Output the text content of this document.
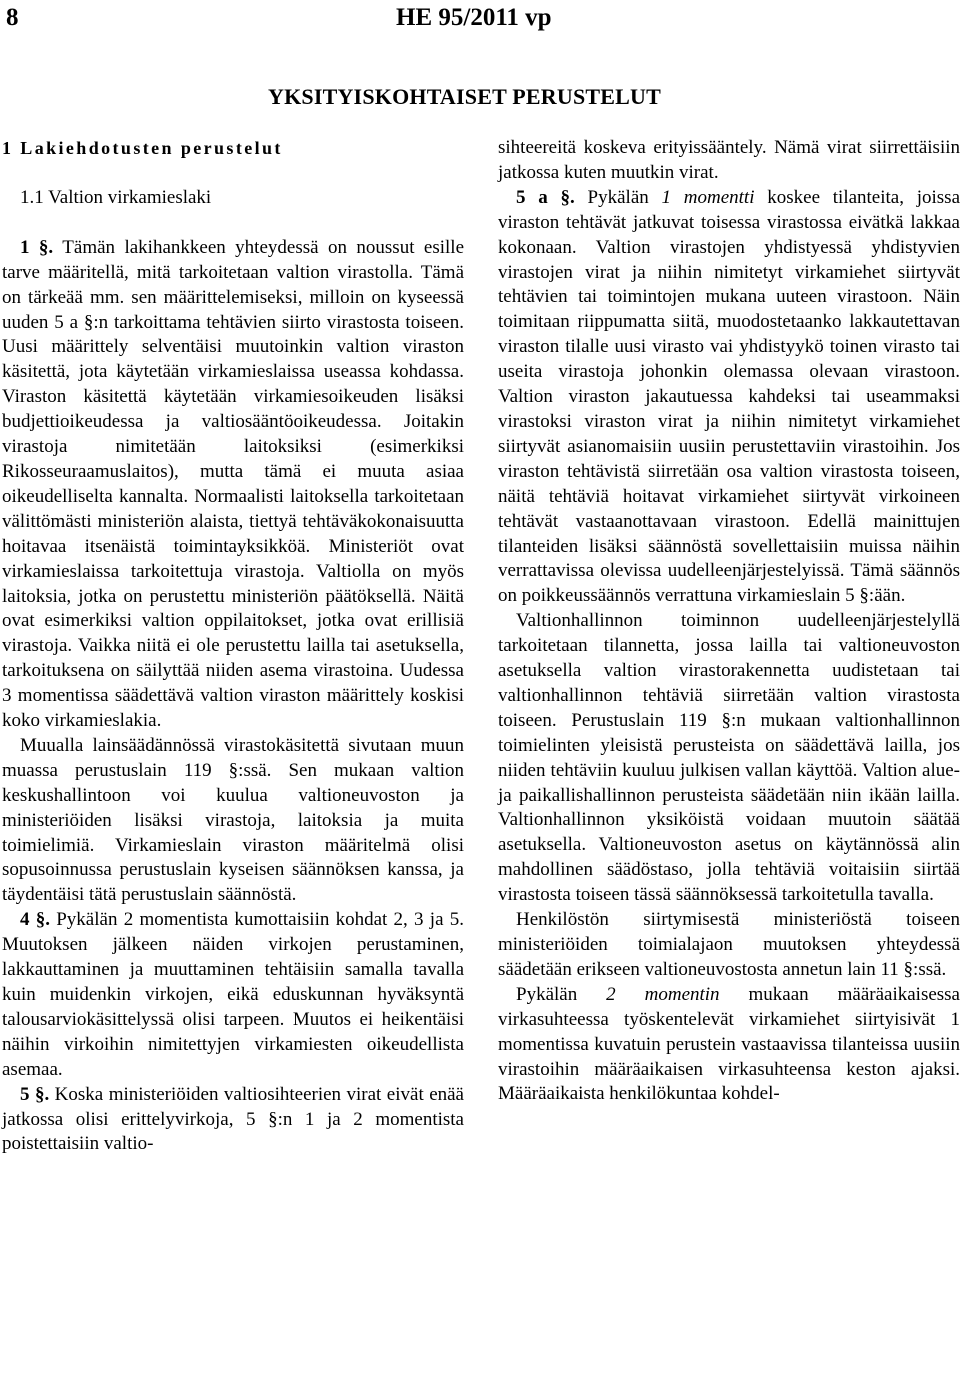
8	HE 95/2011 vp
YKSITYISKOHTAISET PERUSTELUT

1 Lakiehdotusten perustelut

1.1 Valtion virkamieslaki

1 §. Tämän lakihankkeen yhteydessä on noussut esille tarve määritellä, mitä tarkoitetaan valtion virastolla. Tämä on tärkeää mm. sen määrittelemiseksi, milloin on kyseessä uuden 5 a §:n tarkoittama tehtävien siirto virastosta toiseen. Uusi määrittely selventäisi muutoinkin valtion viraston käsitettä, jota käytetään virkamieslaissa useassa kohdassa. Viraston käsitettä käytetään virkamiesoikeuden lisäksi budjettioikeudessa ja valtiosääntöoikeudessa. Joitakin virastoja nimitetään laitoksiksi (esimerkiksi Rikosseuraamuslaitos), mutta tämä ei muuta asiaa oikeudelliselta kannalta. Normaalisti laitoksella tarkoitetaan välittömästi ministeriön alaista, tiettyä tehtäväkokonaisuutta hoitavaa itsenäistä toimintayksikköä. Ministeriöt ovat virkamieslaissa tarkoitettuja virastoja. Valtiolla on myös laitoksia, jotka on perustettu ministeriön päätöksellä. Näitä ovat esimerkiksi valtion oppilaitokset, jotka ovat erillisiä virastoja. Vaikka niitä ei ole perustettu lailla tai asetuksella, tarkoituksena on säilyttää niiden asema virastoina. Uudessa 3 momentissa säädettävä valtion viraston määrittely koskisi koko virkamieslakia.

Muualla lainsäädännössä virastokäsitettä sivutaan muun muassa perustuslain 119 §:ssä. Sen mukaan valtion keskushallintoon voi kuulua valtioneuvoston ja ministeriöiden lisäksi virastoja, laitoksia ja muita toimielimiä. Virkamieslain viraston määritelmä olisi sopusoinnussa perustuslain kyseisen säännöksen kanssa, ja täydentäisi tätä perustuslain säännöstä.

4 §. Pykälän 2 momentista kumottaisiin kohdat 2, 3 ja 5. Muutoksen jälkeen näiden virkojen perustaminen, lakkauttaminen ja muuttaminen tehtäisiin samalla tavalla kuin muidenkin virkojen, eikä eduskunnan hyväksyntä talousarviokäsittelyssä olisi tarpeen. Muutos ei heikentäisi näihin virkoihin nimitettyjen virkamiesten oikeudellista asemaa.

5 §. Koska ministeriöiden valtiosihteerien virat eivät enää jatkossa olisi erittelyvirkoja, 5 §:n 1 ja 2 momentista poistettaisiin valtio-

sihteereitä koskeva erityissääntely. Nämä virat siirrettäisiin jatkossa kuten muutkin virat.

5 a §. Pykälän 1 momentti koskee tilanteita, joissa viraston tehtävät jatkuvat toisessa virastossa eivätkä lakkaa kokonaan. Valtion virastojen yhdistyessä yhdistyvien virastojen virat ja niihin nimitetyt virkamiehet siirtyvät tehtävien tai toimintojen mukana uuteen virastoon. Näin toimitaan riippumatta siitä, muodostetaanko lakkautettavan viraston tilalle uusi virasto vai yhdistyykö toinen virasto tai useita virastoja johonkin olemassa olevaan virastoon. Valtion viraston jakautuessa kahdeksi tai useammaksi virastoksi viraston virat ja niihin nimitetyt virkamiehet siirtyvät asianomaisiin uusiin perustettaviin virastoihin. Jos viraston tehtävistä siirretään osa valtion virastosta toiseen, näitä tehtäviä hoitavat virkamiehet siirtyvät virkoineen tehtävät vastaanottavaan virastoon. Edellä mainittujen tilanteiden lisäksi säännöstä sovellettaisiin muissa näihin verrattavissa olevissa uudelleenjärjestelyissä. Tämä säännös on poikkeussäännös verrattuna virkamieslain 5 §:ään.

Valtionhallinnon toiminnon uudelleenjärjestelyllä tarkoitetaan tilannetta, jossa lailla tai valtioneuvoston asetuksella valtion virastorakennetta uudistetaan tai valtionhallinnon tehtäviä siirretään valtion virastosta toiseen. Perustuslain 119 §:n mukaan valtionhallinnon toimielinten yleisistä perusteista on säädettävä lailla, jos niiden tehtäviin kuuluu julkisen vallan käyttöä. Valtion alue- ja paikallishallinnon perusteista säädetään niin ikään lailla. Valtionhallinnon yksiköistä voidaan muutoin säätää asetuksella. Valtioneuvoston asetus on käytännössä alin mahdollinen säädöstaso, jolla tehtäviä voitaisiin siirtää virastosta toiseen tässä säännöksessä tarkoitetulla tavalla.

Henkilöstön siirtymisestä ministeriöstä toiseen ministeriöiden toimialajaon muutoksen yhteydessä säädetään erikseen valtioneuvostosta annetun lain 11 §:ssä.

Pykälän 2 momentin mukaan määräaikaisessa virkasuhteessa työskentelevät virkamiehet siirtyisivät 1 momentissa kuvatuin perustein vastaavissa tilanteissa uusiin virastoihin määräaikaisen virkasuhteensa keston ajaksi. Määräaikaista henkilökuntaa kohdel-
